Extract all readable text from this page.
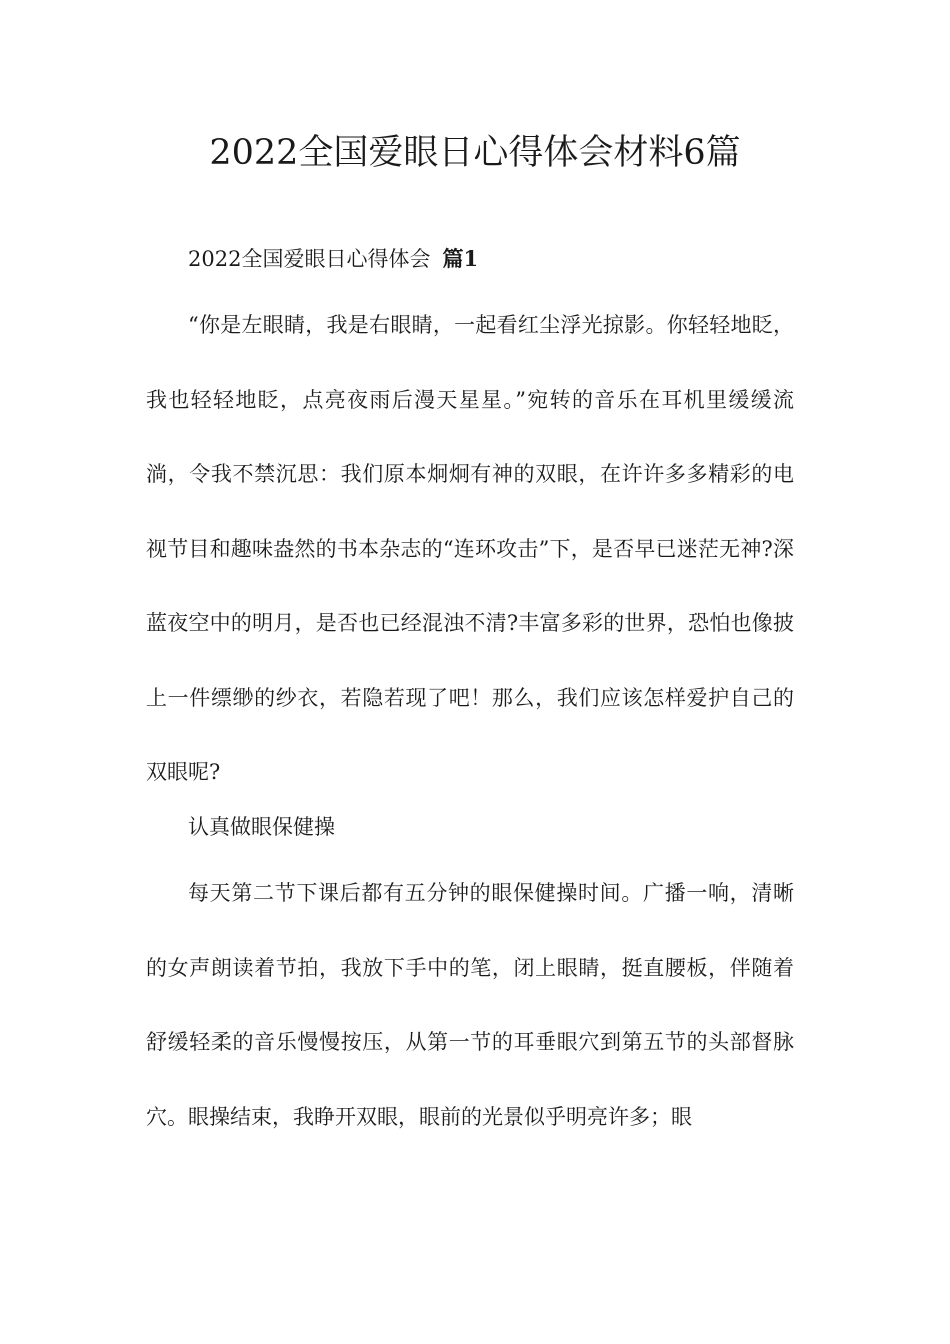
2022全国爱眼日心得体会材料6篇
2022全国爱眼日心得体会 篇1

“你是左眼睛，我是右眼睛，一起看红尘浮光掠影。你轻轻地眨，我也轻轻地眨，点亮夜雨后漫天星星。”宛转的音乐在耳机里缓缓流淌，令我不禁沉思：我们原本炯炯有神的双眼，在许许多多精彩的电视节目和趣味盎然的书本杂志的“连环攻击”下，是否早已迷茫无神?深蓝夜空中的明月，是否也已经混浊不清?丰富多彩的世界，恐怕也像披上一件缥缈的纱衣，若隐若现了吧！那么，我们应该怎样爱护自己的双眼呢?

认真做眼保健操

每天第二节下课后都有五分钟的眼保健操时间。广播一响，清晰的女声朗读着节拍，我放下手中的笔，闭上眼睛，挺直腰板，伴随着舒缓轻柔的音乐慢慢按压，从第一节的耳垂眼穴到第五节的头部督脉穴。眼操结束，我睁开双眼，眼前的光景似乎明亮许多；眼
